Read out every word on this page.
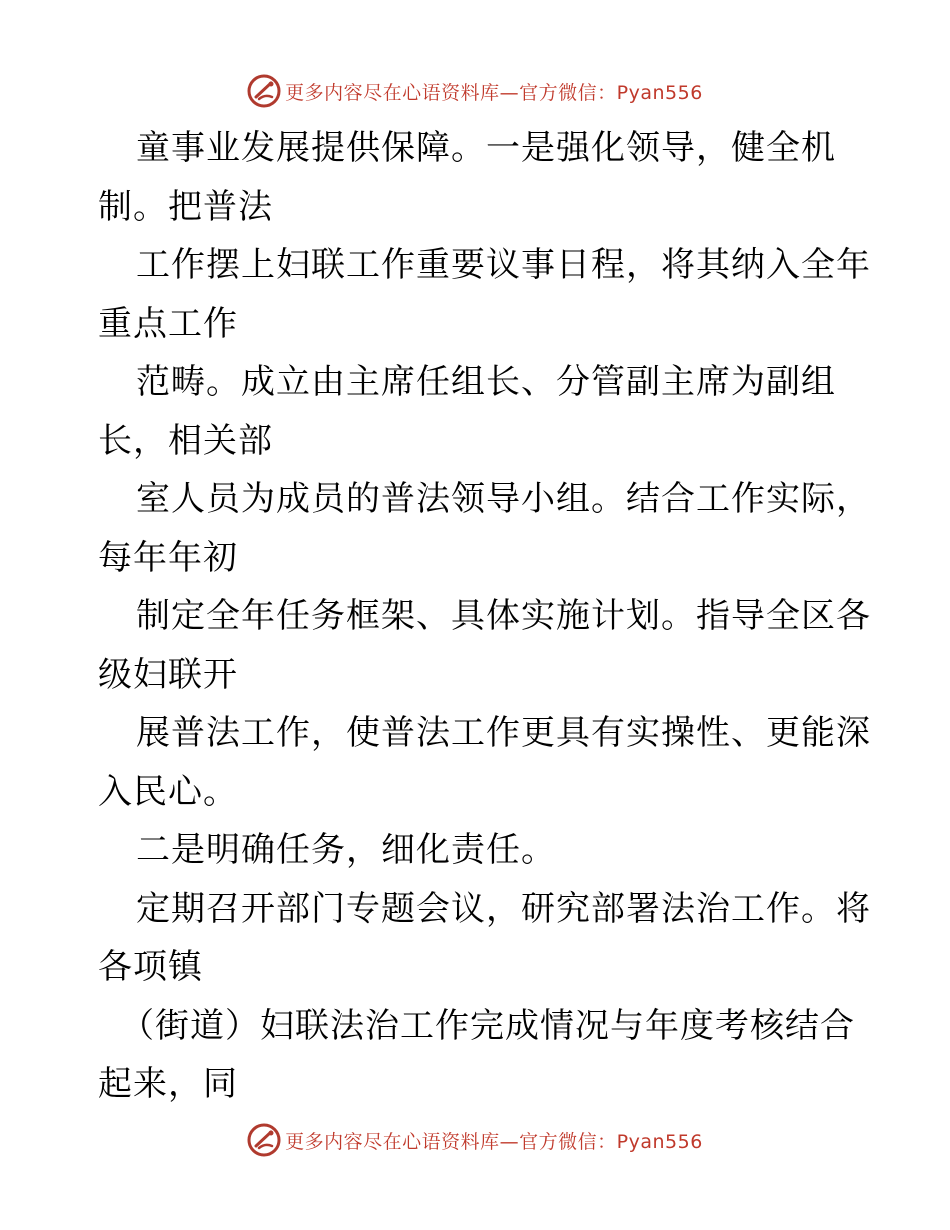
更多内容尽在心语资料库—官方微信：Pyan556
童事业发展提供保障。一是强化领导，健全机
制。把普法
工作摆上妇联工作重要议事日程，将其纳入全年
重点工作
范畴。成立由主席任组长、分管副主席为副组
长，相关部
室人员为成员的普法领导小组。结合工作实际，
每年年初
制定全年任务框架、具体实施计划。指导全区各
级妇联开
展普法工作，使普法工作更具有实操性、更能深
入民心。
二是明确任务，细化责任。
定期召开部门专题会议，研究部署法治工作。将
各项镇
（街道）妇联法治工作完成情况与年度考核结合
起来，同
更多内容尽在心语资料库—官方微信：Pyan556
